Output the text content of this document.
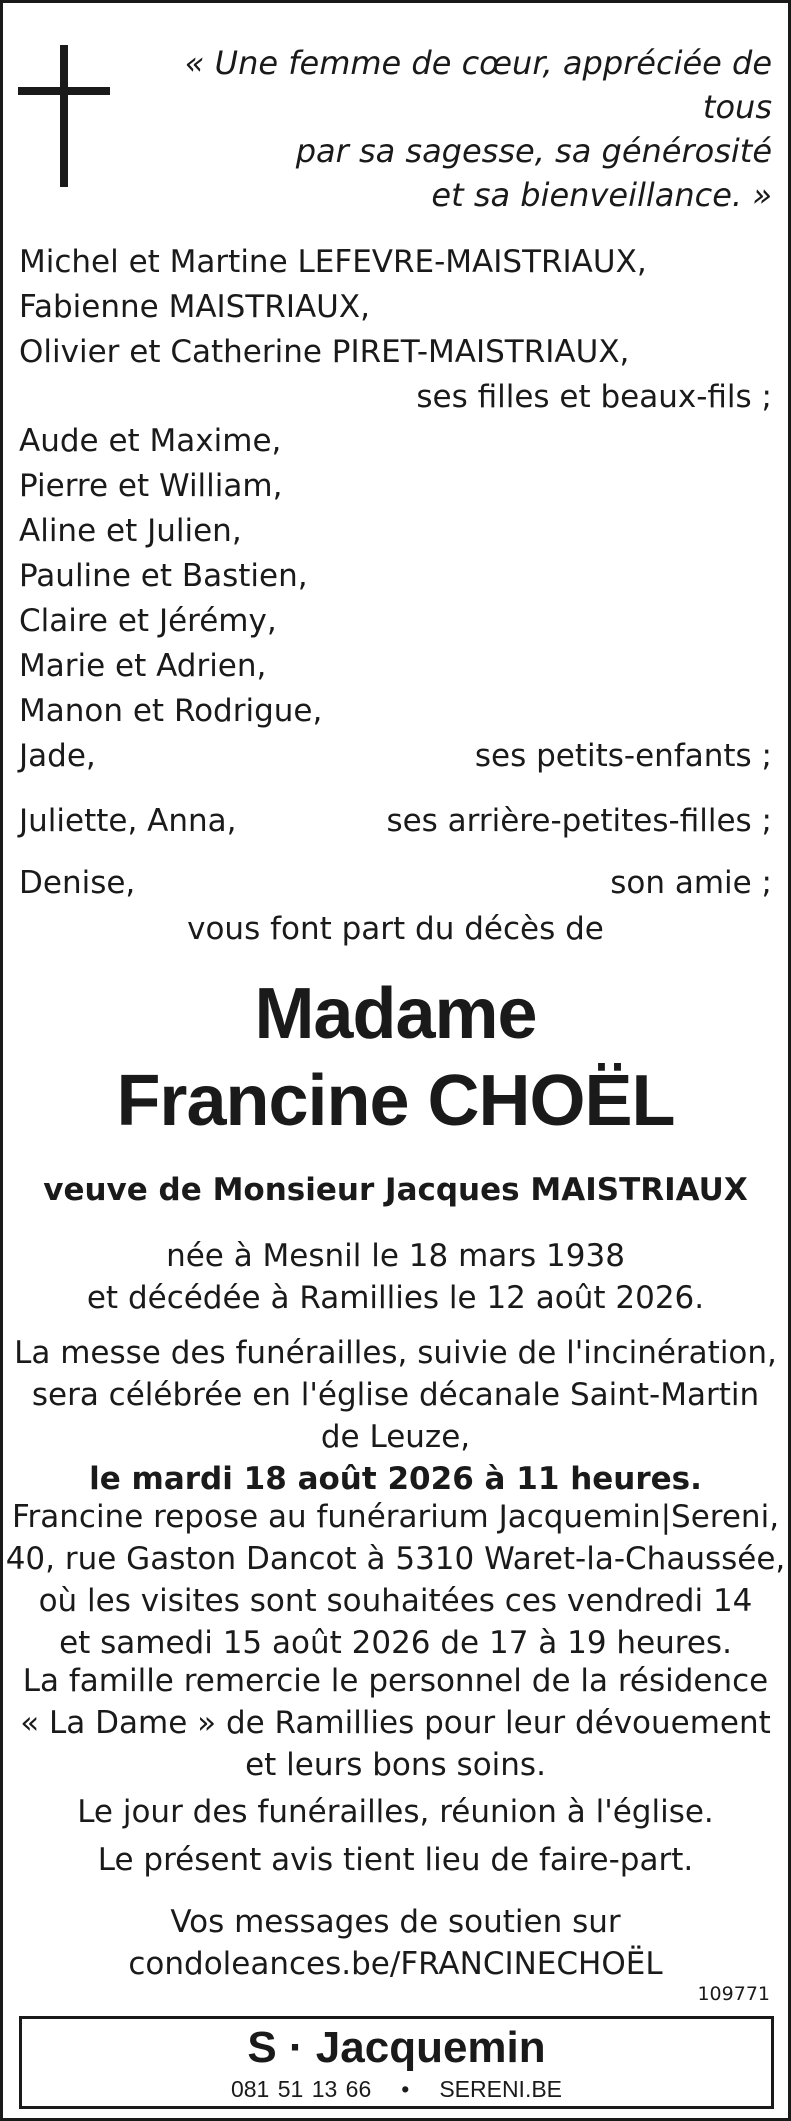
« Une femme de cœur, appréciée de tous
par sa sagesse, sa générosité
et sa bienveillance. »
Michel et Martine LEFEVRE-MAISTRIAUX,
Fabienne MAISTRIAUX,
Olivier et Catherine PIRET-MAISTRIAUX,
ses filles et beaux-fils ;
Aude et Maxime,
Pierre et William,
Aline et Julien,
Pauline et Bastien,
Claire et Jérémy,
Marie et Adrien,
Manon et Rodrigue,
Jade,	ses petits-enfants ;
Juliette, Anna,	ses arrière-petites-filles ;
Denise,	son amie ;
vous font part du décès de
Madame
Francine CHOËL
veuve de Monsieur Jacques MAISTRIAUX
née à Mesnil le 18 mars 1938
et décédée à Ramillies le 12 août 2026.
La messe des funérailles, suivie de l'incinération,
sera célébrée en l'église décanale Saint-Martin
de Leuze,
le mardi 18 août 2026 à 11 heures.
Francine repose au funérarium Jacquemin|Sereni,
40, rue Gaston Dancot à 5310 Waret-la-Chaussée,
où les visites sont souhaitées ces vendredi 14
et samedi 15 août 2026 de 17 à 19 heures.
La famille remercie le personnel de la résidence
« La Dame » de Ramillies pour leur dévouement
et leurs bons soins.
Le jour des funérailles, réunion à l'église.
Le présent avis tient lieu de faire-part.
Vos messages de soutien sur
condoleances.be/FRANCINECHOËL
109771
S · Jacquemin
081 51 13 66 • SERENI.BE
